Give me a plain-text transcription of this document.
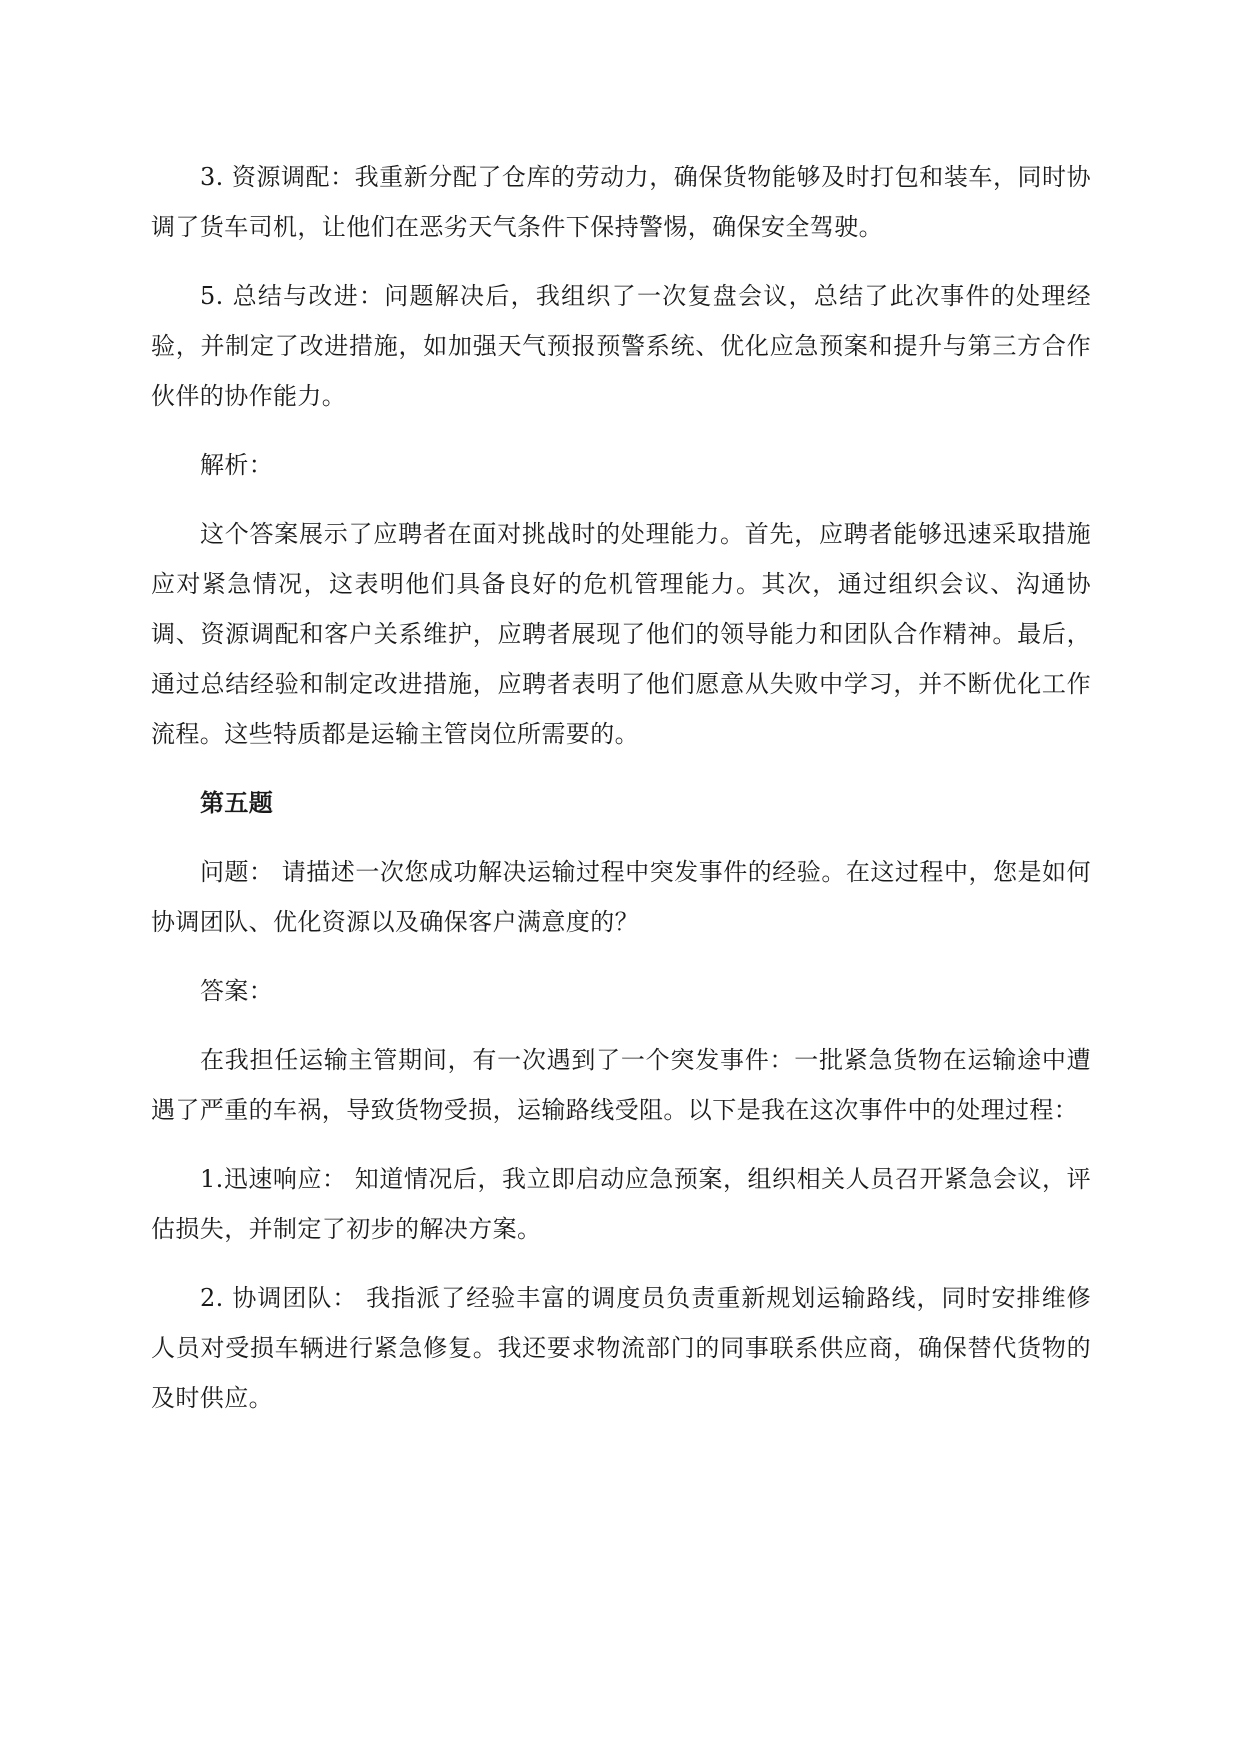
3. 资源调配：我重新分配了仓库的劳动力，确保货物能够及时打包和装车，同时协调了货车司机，让他们在恶劣天气条件下保持警惕，确保安全驾驶。

5. 总结与改进：问题解决后，我组织了一次复盘会议，总结了此次事件的处理经验，并制定了改进措施，如加强天气预报预警系统、优化应急预案和提升与第三方合作伙伴的协作能力。

解析：

这个答案展示了应聘者在面对挑战时的处理能力。首先，应聘者能够迅速采取措施应对紧急情况，这表明他们具备良好的危机管理能力。其次，通过组织会议、沟通协调、资源调配和客户关系维护，应聘者展现了他们的领导能力和团队合作精神。最后，通过总结经验和制定改进措施，应聘者表明了他们愿意从失败中学习，并不断优化工作流程。这些特质都是运输主管岗位所需要的。

第五题

问题： 请描述一次您成功解决运输过程中突发事件的经验。在这过程中，您是如何协调团队、优化资源以及确保客户满意度的？

答案：

在我担任运输主管期间，有一次遇到了一个突发事件：一批紧急货物在运输途中遭遇了严重的车祸，导致货物受损，运输路线受阻。以下是我在这次事件中的处理过程：

1.迅速响应： 知道情况后，我立即启动应急预案，组织相关人员召开紧急会议，评估损失，并制定了初步的解决方案。

2. 协调团队： 我指派了经验丰富的调度员负责重新规划运输路线，同时安排维修人员对受损车辆进行紧急修复。我还要求物流部门的同事联系供应商，确保替代货物的及时供应。
